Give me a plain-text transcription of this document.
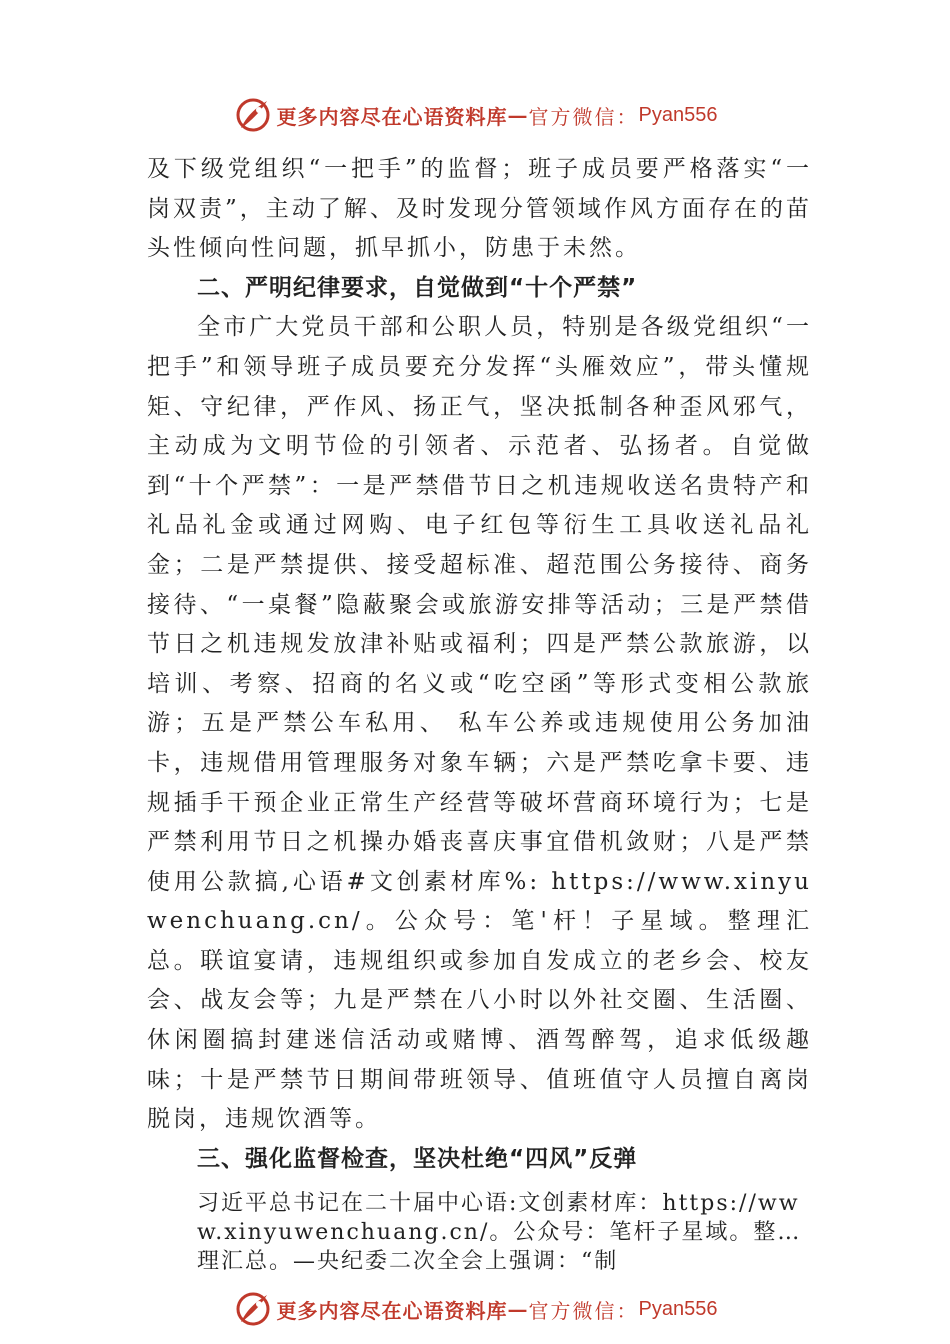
更多内容尽在心语资料库 — 官方微信： Pyan556

及下级党组织“一把手”的监督；班子成员要严格落实“一岗双责”，主动了解、及时发现分管领域作风方面存在的苗头性倾向性问题，抓早抓小，防患于未然。

二、严明纪律要求，自觉做到“十个严禁”

全市广大党员干部和公职人员，特别是各级党组织“一把手”和领导班子成员要充分发挥“头雁效应”，带头懂规矩、守纪律，严作风、扬正气，坚决抵制各种歪风邪气，主动成为文明节俭的引领者、示范者、弘扬者。自觉做到“十个严禁”：一是严禁借节日之机违规收送名贵特产和礼品礼金或通过网购、电子红包等衍生工具收送礼品礼金；二是严禁提供、接受超标准、超范围公务接待、商务接待、“一桌餐”隐蔽聚会或旅游安排等活动；三是严禁借节日之机违规发放津补贴或福利；四是严禁公款旅游，以培训、考察、招商的名义或“吃空函”等形式变相公款旅游；五是严禁公车私用、 私车公养或违规使用公务加油卡，违规借用管理服务对象车辆；六是严禁吃拿卡要、违规插手干预企业正常生产经营等破坏营商环境行为；七是严禁利用节日之机操办婚丧喜庆事宜借机敛财；八是严禁使用公款搞,心语#文创素材库%: https://www.xinyuwenchuang.cn/。公众号：笔'杆！子星域。整理汇总。联谊宴请，违规组织或参加自发成立的老乡会、校友会、战友会等；九是严禁在八小时以外社交圈、生活圈、休闲圈搞封建迷信活动或赌博、酒驾醉驾，追求低级趣味；十是严禁节日期间带班领导、值班值守人员擅自离岗脱岗，违规饮酒等。

三、强化监督检查，坚决杜绝“四风”反弹

习近平总书记在二十届中心语:文创素材库：https://www.xinyuwenchuang.cn/。公众号：笔杆子星域。整…理汇总。—央纪委二次全会上强调：“制

更多内容尽在心语资料库 — 官方微信： Pyan556
